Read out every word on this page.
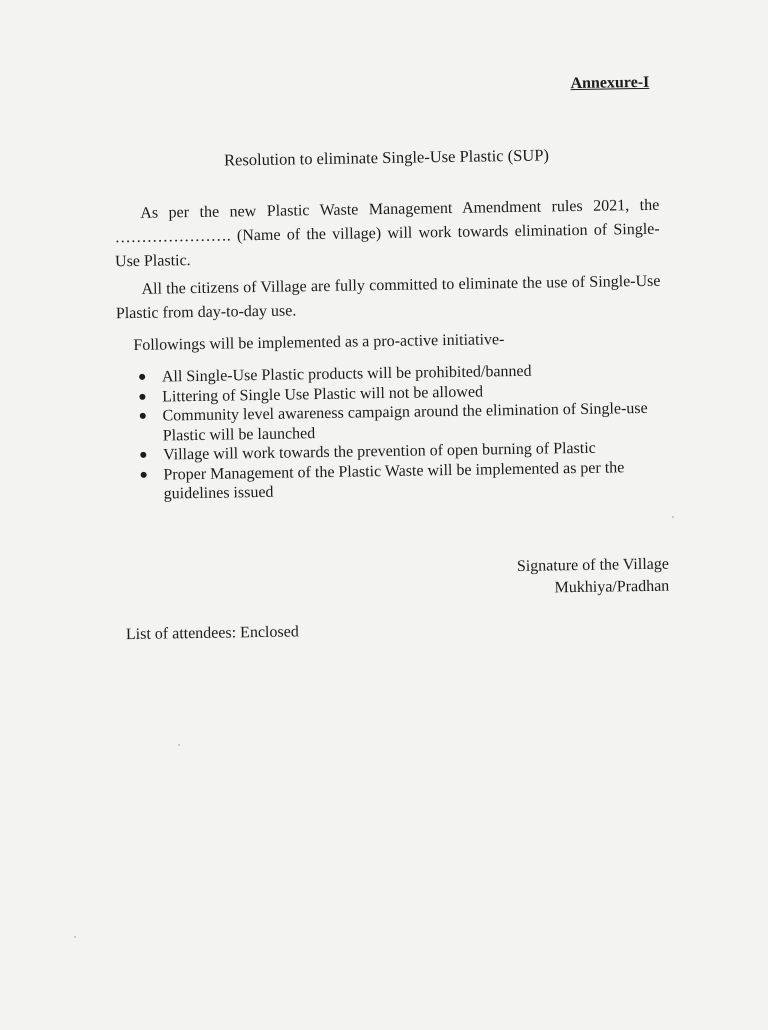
Annexure-I
Resolution to eliminate Single-Use Plastic (SUP)
As per the new Plastic Waste Management Amendment rules 2021, the …………………. (Name of the village) will work towards elimination of Single-Use Plastic.
All the citizens of Village are fully committed to eliminate the use of Single-Use Plastic from day-to-day use.
Followings will be implemented as a pro-active initiative-
● All Single-Use Plastic products will be prohibited/banned
● Littering of Single Use Plastic will not be allowed
● Community level awareness campaign around the elimination of Single-use Plastic will be launched
● Village will work towards the prevention of open burning of Plastic
● Proper Management of the Plastic Waste will be implemented as per the guidelines issued
Signature of the Village
Mukhiya/Pradhan
List of attendees: Enclosed
